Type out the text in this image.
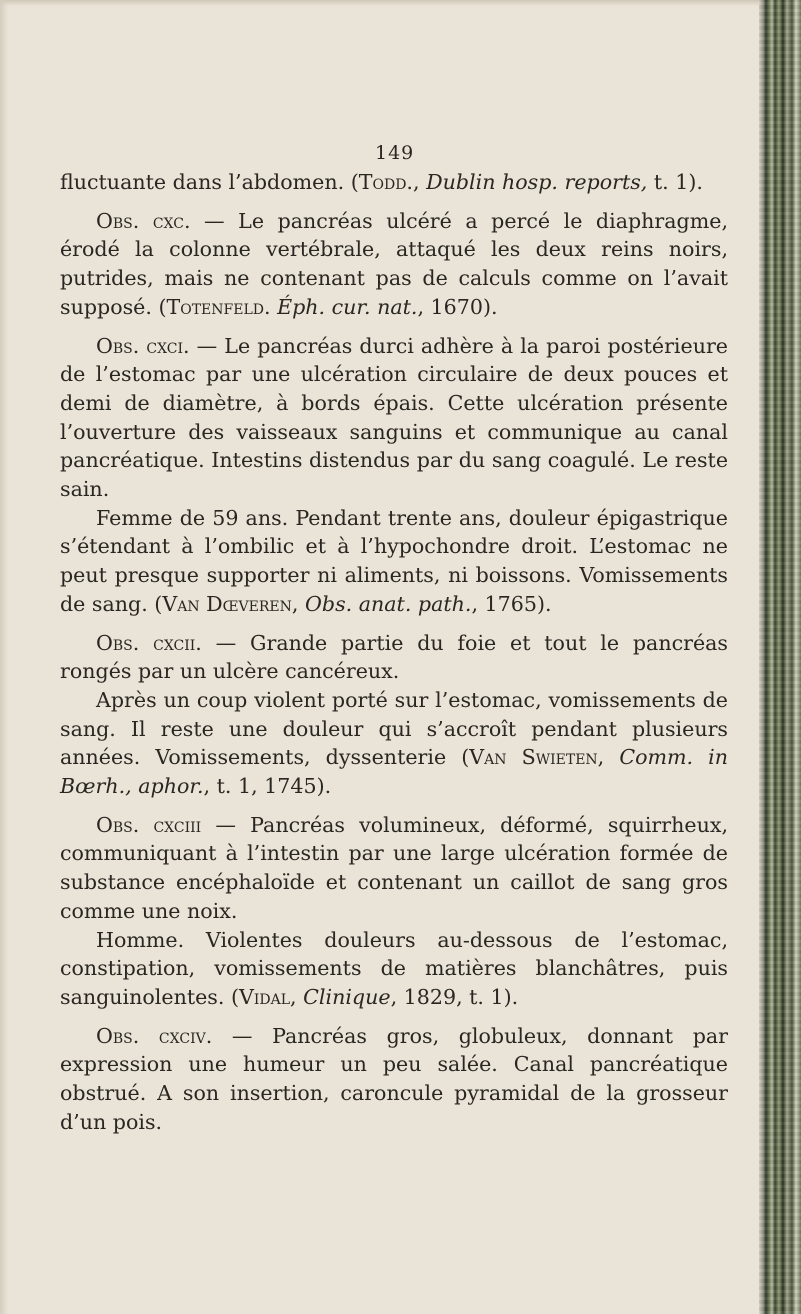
149

fluctuante dans l’abdomen. (Todd., Dublin hosp. reports, t. 1).

Obs. cxc. — Le pancréas ulcéré a percé le diaphragme, érodé la colonne vertébrale, attaqué les deux reins noirs, putrides, mais ne contenant pas de calculs comme on l’avait supposé. (Totenfeld. Éph. cur. nat., 1670).

Obs. cxci. — Le pancréas durci adhère à la paroi postérieure de l’estomac par une ulcération circulaire de deux pouces et demi de diamètre, à bords épais. Cette ulcération présente l’ouverture des vaisseaux sanguins et communique au canal pancréatique. Intestins distendus par du sang coagulé. Le reste sain.

Femme de 59 ans. Pendant trente ans, douleur épigastrique s’étendant à l’ombilic et à l’hypochondre droit. L’estomac ne peut presque supporter ni aliments, ni boissons. Vomissements de sang. (Van Dœveren, Obs. anat. path., 1765).

Obs. cxcii. — Grande partie du foie et tout le pancréas rongés par un ulcère cancéreux.

Après un coup violent porté sur l’estomac, vomissements de sang. Il reste une douleur qui s’accroît pendant plusieurs années. Vomissements, dyssenterie (Van Swieten, Comm. in Bœrh., aphor., t. 1, 1745).

Obs. cxciii — Pancréas volumineux, déformé, squirrheux, communiquant à l’intestin par une large ulcération formée de substance encéphaloïde et contenant un caillot de sang gros comme une noix.

Homme. Violentes douleurs au-dessous de l’estomac, constipation, vomissements de matières blanchâtres, puis sanguinolentes. (Vidal, Clinique, 1829, t. 1).

Obs. cxciv. — Pancréas gros, globuleux, donnant par expression une humeur un peu salée. Canal pancréatique obstrué. A son insertion, caroncule pyramidal de la grosseur d’un pois.
